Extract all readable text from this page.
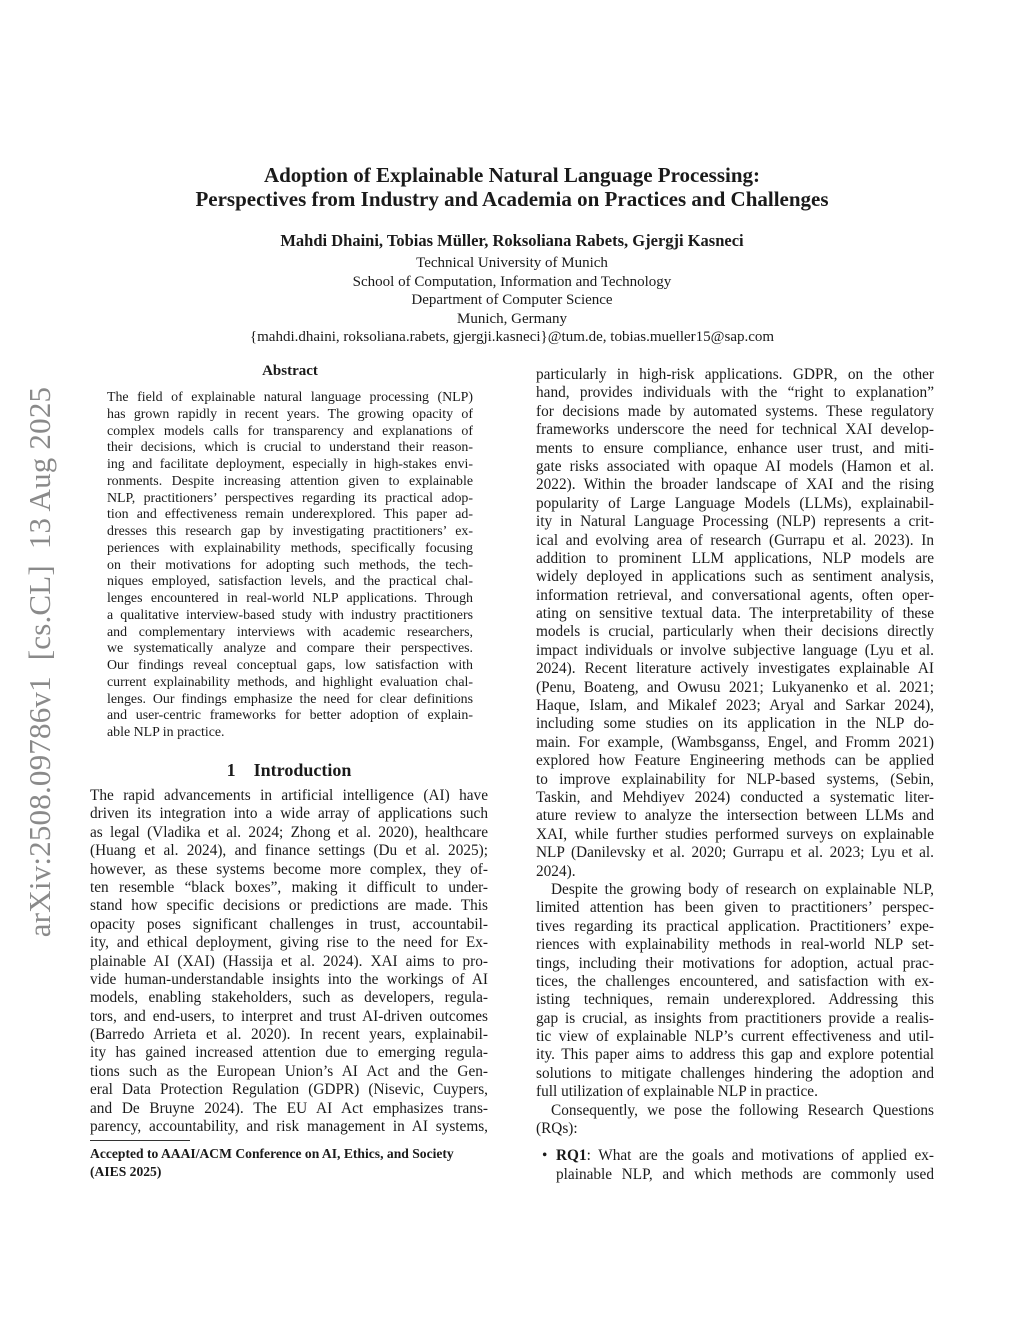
arXiv:2508.09786v1  [cs.CL]  13 Aug 2025
Adoption of Explainable Natural Language Processing:
Perspectives from Industry and Academia on Practices and Challenges
Mahdi Dhaini, Tobias Müller, Roksoliana Rabets, Gjergji Kasneci
Technical University of Munich
School of Computation, Information and Technology
Department of Computer Science
Munich, Germany
{mahdi.dhaini, roksoliana.rabets, gjergji.kasneci}@tum.de, tobias.mueller15@sap.com
Abstract
The field of explainable natural language processing (NLP)
has grown rapidly in recent years. The growing opacity of
complex models calls for transparency and explanations of
their decisions, which is crucial to understand their reason-
ing and facilitate deployment, especially in high-stakes envi-
ronments. Despite increasing attention given to explainable
NLP, practitioners’ perspectives regarding its practical adop-
tion and effectiveness remain underexplored. This paper ad-
dresses this research gap by investigating practitioners’ ex-
periences with explainability methods, specifically focusing
on their motivations for adopting such methods, the tech-
niques employed, satisfaction levels, and the practical chal-
lenges encountered in real-world NLP applications. Through
a qualitative interview-based study with industry practitioners
and complementary interviews with academic researchers,
we systematically analyze and compare their perspectives.
Our findings reveal conceptual gaps, low satisfaction with
current explainability methods, and highlight evaluation chal-
lenges. Our findings emphasize the need for clear definitions
and user-centric frameworks for better adoption of explain-
able NLP in practice.
1 Introduction
The rapid advancements in artificial intelligence (AI) have
driven its integration into a wide array of applications such
as legal (Vladika et al. 2024; Zhong et al. 2020), healthcare
(Huang et al. 2024), and finance settings (Du et al. 2025);
however, as these systems become more complex, they of-
ten resemble “black boxes”, making it difficult to under-
stand how specific decisions or predictions are made. This
opacity poses significant challenges in trust, accountabil-
ity, and ethical deployment, giving rise to the need for Ex-
plainable AI (XAI) (Hassija et al. 2024). XAI aims to pro-
vide human-understandable insights into the workings of AI
models, enabling stakeholders, such as developers, regula-
tors, and end-users, to interpret and trust AI-driven outcomes
(Barredo Arrieta et al. 2020). In recent years, explainabil-
ity has gained increased attention due to emerging regula-
tions such as the European Union’s AI Act and the Gen-
eral Data Protection Regulation (GDPR) (Nisevic, Cuypers,
and De Bruyne 2024). The EU AI Act emphasizes trans-
parency, accountability, and risk management in AI systems,
Accepted to AAAI/ACM Conference on AI, Ethics, and Society
(AIES 2025)
particularly in high-risk applications. GDPR, on the other
hand, provides individuals with the “right to explanation”
for decisions made by automated systems. These regulatory
frameworks underscore the need for technical XAI develop-
ments to ensure compliance, enhance user trust, and miti-
gate risks associated with opaque AI models (Hamon et al.
2022). Within the broader landscape of XAI and the rising
popularity of Large Language Models (LLMs), explainabil-
ity in Natural Language Processing (NLP) represents a crit-
ical and evolving area of research (Gurrapu et al. 2023). In
addition to prominent LLM applications, NLP models are
widely deployed in applications such as sentiment analysis,
information retrieval, and conversational agents, often oper-
ating on sensitive textual data. The interpretability of these
models is crucial, particularly when their decisions directly
impact individuals or involve subjective language (Lyu et al.
2024). Recent literature actively investigates explainable AI
(Penu, Boateng, and Owusu 2021; Lukyanenko et al. 2021;
Haque, Islam, and Mikalef 2023; Aryal and Sarkar 2024),
including some studies on its application in the NLP do-
main. For example, (Wambsganss, Engel, and Fromm 2021)
explored how Feature Engineering methods can be applied
to improve explainability for NLP-based systems, (Sebin,
Taskin, and Mehdiyev 2024) conducted a systematic liter-
ature review to analyze the intersection between LLMs and
XAI, while further studies performed surveys on explainable
NLP (Danilevsky et al. 2020; Gurrapu et al. 2023; Lyu et al.
2024).
Despite the growing body of research on explainable NLP,
limited attention has been given to practitioners’ perspec-
tives regarding its practical application. Practitioners’ expe-
riences with explainability methods in real-world NLP set-
tings, including their motivations for adoption, actual prac-
tices, the challenges encountered, and satisfaction with ex-
isting techniques, remain underexplored. Addressing this
gap is crucial, as insights from practitioners provide a realis-
tic view of explainable NLP’s current effectiveness and util-
ity. This paper aims to address this gap and explore potential
solutions to mitigate challenges hindering the adoption and
full utilization of explainable NLP in practice.
Consequently, we pose the following Research Questions
(RQs):
• RQ1: What are the goals and motivations of applied ex-
plainable NLP, and which methods are commonly used
